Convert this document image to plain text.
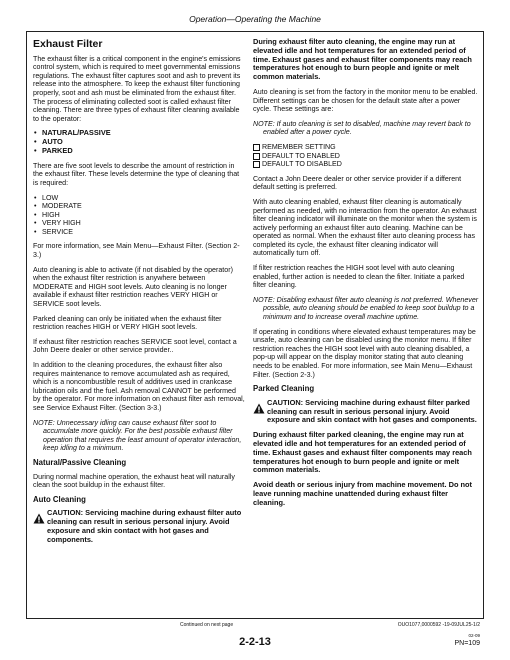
Operation—Operating the Machine
Exhaust Filter

The exhaust filter is a critical component in the engine's emissions control system, which is required to meet governmental emissions regulations. The exhaust filter captures soot and ash to prevent its release into the atmosphere. To keep the exhaust filter functioning properly, soot and ash must be eliminated from the exhaust filter. The process of eliminating collected soot is called exhaust filter cleaning. There are three types of exhaust filter cleaning available to the operator:

• NATURAL/PASSIVE
• AUTO
• PARKED

There are five soot levels to describe the amount of restriction in the exhaust filter. These levels determine the type of cleaning that is required:

• LOW
• MODERATE
• HIGH
• VERY HIGH
• SERVICE

For more information, see Main Menu—Exhaust Filter. (Section 2-3.)

Auto cleaning is able to activate (if not disabled by the operator) when the exhaust filter restriction is anywhere between MODERATE and HIGH soot levels. Auto cleaning is no longer available if exhaust filter restriction reaches VERY HIGH or SERVICE soot levels.

Parked cleaning can only be initiated when the exhaust filter restriction reaches HIGH or VERY HIGH soot levels.

If exhaust filter restriction reaches SERVICE soot level, contact a John Deere dealer or other service provider..

In addition to the cleaning procedures, the exhaust filter also requires maintenance to remove accumulated ash as required, which is a noncombustible result of additives used in crankcase lubrication oils and the fuel. Ash removal CANNOT be performed by the operator. For more information on exhaust filter ash removal, see Service Exhaust Filter. (Section 3-3.)

NOTE: Unnecessary idling can cause exhaust filter soot to accumulate more quickly. For the best possible exhaust filter operation that requires the least amount of operator interaction, keep idling to a minimum.

Natural/Passive Cleaning

During normal machine operation, the exhaust heat will naturally clean the soot buildup in the exhaust filter.

Auto Cleaning
CAUTION: Servicing machine during exhaust filter auto cleaning can result in serious personal injury. Avoid exposure and skin contact with hot gases and components.

During exhaust filter auto cleaning, the engine may run at elevated idle and hot temperatures for an extended period of time. Exhaust gases and exhaust filter components may reach temperatures hot enough to burn people and ignite or melt common materials.

Auto cleaning is set from the factory in the monitor menu to be enabled. Different settings can be chosen for the default state after a power cycle. These settings are:

NOTE: If auto cleaning is set to disabled, machine may revert back to enabled after a power cycle.

REMEMBER SETTING
DEFAULT TO ENABLED
DEFAULT TO DISABLED

Contact a John Deere dealer or other service provider if a different default setting is preferred.

With auto cleaning enabled, exhaust filter cleaning is automatically performed as needed, with no interaction from the operator. An exhaust filter cleaning indicator will illuminate on the monitor when the system is actively performing an exhaust filter auto cleaning. Machine can be operated as normal. When the exhaust filter auto cleaning process has completed its cycle, the exhaust filter cleaning indicator will automatically turn off.

If filter restriction reaches the HIGH soot level with auto cleaning enabled, further action is needed to clean the filter. Initiate a parked filter cleaning.

NOTE: Disabling exhaust filter auto cleaning is not preferred. Whenever possible, auto cleaning should be enabled to keep soot buildup to a minimum and to increase overall machine uptime.

If operating in conditions where elevated exhaust temperatures may be unsafe, auto cleaning can be disabled using the monitor menu. If filter restriction reaches the HIGH soot level with auto cleaning disabled, a pop-up will appear on the display monitor stating that auto cleaning needs to be enabled. For more information, see Main Menu—Exhaust Filter. (Section 2-3.)

Parked Cleaning
CAUTION: Servicing machine during exhaust filter parked cleaning can result in serious personal injury. Avoid exposure and skin contact with hot gases and components.

During exhaust filter parked cleaning, the engine may run at elevated idle and hot temperatures for an extended period of time. Exhaust gases and exhaust filter components may reach temperatures hot enough to burn people and ignite or melt common materials.

Avoid death or serious injury from machine movement. Do not leave running machine unattended during exhaust filter cleaning.

Continued on next page	OUO1077,0000592 -19-09JUL25-1/2
02-09
2-2-13	PN=109
